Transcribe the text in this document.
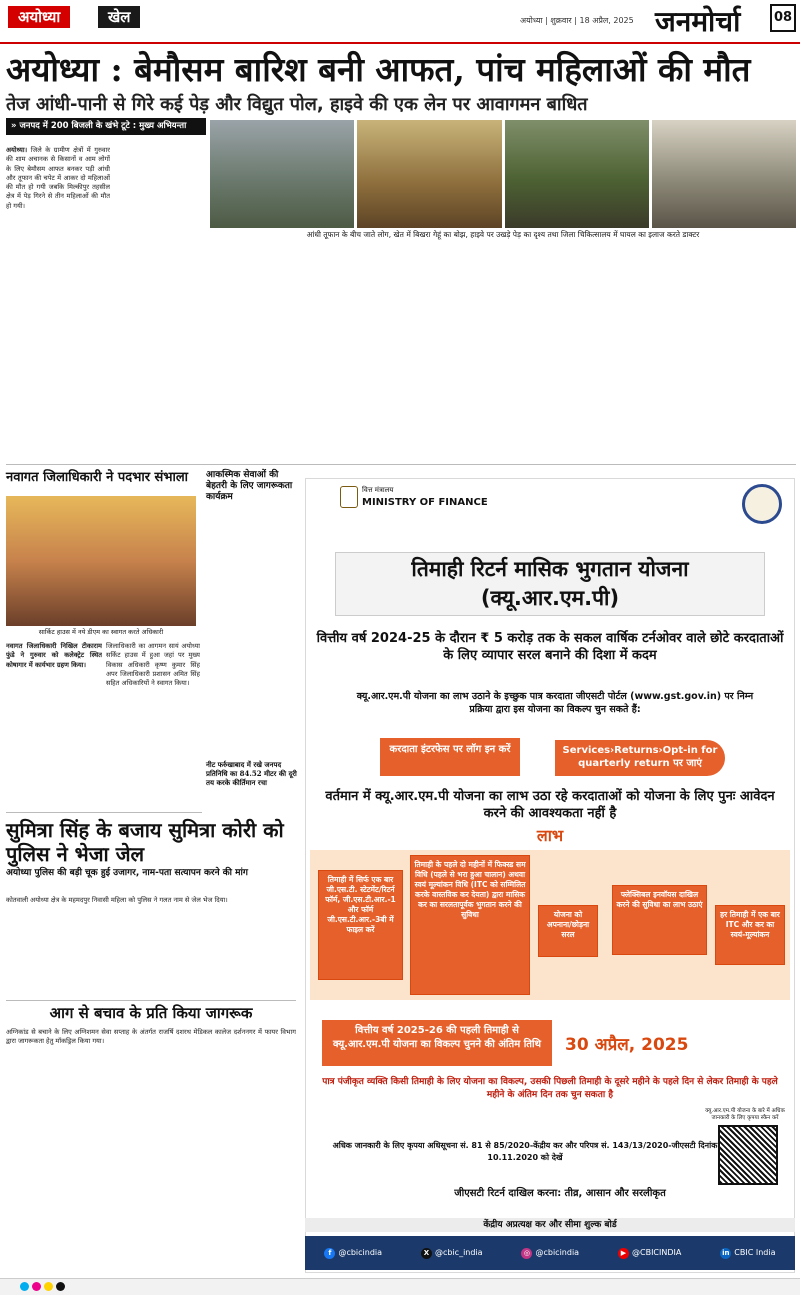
अयोध्या	खेल	अयोध्या | शुक्रवार | 18 अप्रैल, 2025 जनमोर्चा	08
अयोध्या : बेमौसम बारिश बनी आफत, पांच महिलाओं की मौत
तेज आंधी-पानी से गिरे कई पेड़ और विद्युत पोल, हाइवे की एक लेन पर आवागमन बाधित
» जनपद में 200 बिजली के खंभे टूटे : मुख्य अभियन्ता
आंधी तूफान के बीच जाते लोग, खेत में बिखरा गेहूं का बोझ, हाइवे पर उखड़े पेड़ का दृश्य तथा जिला चिकित्सालय में घायल का इलाज करते डाक्टर
अयोध्या। जिले के ग्रामीण क्षेत्रों में गुरुवार की शाम अचानक से किसानों व आम लोगों के लिए बेमौसम आफत बनकर पड़ी आंधी और तूफान की चपेट में आकर दो महिलाओं की मौत हो गयी जबकि मिल्कीपुर तहसील क्षेत्र में पेड़ गिरने से तीन महिलाओं की मौत हो गयी।
नवागत जिलाधिकारी ने पदभार संभाला
सार्किट हाउस में नये डीएम का स्वागत करते अधिकारी
नवागत जिलाधिकारी निखिल टीकाराम फुंडे ने गुरुवार को कलेक्ट्रेट स्थित कोषागार में कार्यभार ग्रहण किया।
जिलाधिकारी का आगमन सायं अयोध्या सर्किट हाउस में हुआ जहां पर मुख्य विकास अधिकारी कृष्ण कुमार सिंह अपर जिलाधिकारी प्रशासन अमित सिंह सहित अधिकारियों ने स्वागत किया।
सुमित्रा सिंह के बजाय सुमित्रा कोरी को पुलिस ने भेजा जेल
अयोध्या पुलिस की बड़ी चूक हुई उजागर, नाम-पता सत्यापन करने की मांग
कोतवाली अयोध्या क्षेत्र के महमदपुर निवासी महिला को पुलिस ने गलत नाम से जेल भेज दिया।
आग से बचाव के प्रति किया जागरूक
अग्निकांड से बचाने के लिए अग्निशमन सेवा सप्ताह के अंतर्गत राजर्षि दशरथ मेडिकल कालेज दर्शननगर में फायर विभाग द्वारा जागरूकता हेतु मॉकड्रिल किया गया।
आकस्मिक सेवाओं की बेहतरी के लिए जागरूकता कार्यक्रम
नीट फर्रुखाबाद में रखे जनपद प्रतिनिधि का 84.52 मीटर की दूरी तय करके कीर्तिमान रचा
वित्त मंत्रालय
MINISTRY OF FINANCE
तिमाही रिटर्न मासिक भुगतान योजना
(क्यू.आर.एम.पी)
वित्तीय वर्ष 2024-25 के दौरान ₹ 5 करोड़ तक के सकल वार्षिक टर्नओवर वाले छोटे करदाताओं के लिए व्यापार सरल बनाने की दिशा में कदम
क्यू.आर.एम.पी योजना का लाभ उठाने के इच्छुक पात्र करदाता जीएसटी पोर्टल (www.gst.gov.in) पर निम्न प्रक्रिया द्वारा इस योजना का विकल्प चुन सकते हैं:
करदाता इंटरफेस पर लॉग इन करें	Services›Returns›Opt-in for quarterly return पर जाएं
वर्तमान में क्यू.आर.एम.पी योजना का लाभ उठा रहे करदाताओं को योजना के लिए पुनः आवेदन करने की आवश्यकता नहीं है
लाभ
तिमाही में सिर्फ एक बार जी.एस.टी. स्टेटमेंट/रिटर्न फॉर्म, जी.एस.टी.आर.-1 और फॉर्म जी.एस.टी.आर.-3बी में फाइल करें
तिमाही के पहले दो महीनों में फिक्स्ड सम विधि (पहले से भरा हुआ चालान) अथवा स्वयं मूल्यांकन विधि (ITC को सम्मिलित करके वास्तविक कर देयता) द्वारा मासिक कर का सरलतापूर्वक भुगतान करने की सुविधा	योजना को अपनाना/छोड़ना सरल
फ्लेक्सिबल इनवॉयस दाखिल करने की सुविधा का लाभ उठाएं
हर तिमाही में एक बार ITC और कर का स्वयं-मूल्यांकन
वित्तीय वर्ष 2025-26 की पहली तिमाही से क्यू.आर.एम.पी योजना का विकल्प चुनने की अंतिम तिथि	30 अप्रैल, 2025
पात्र पंजीकृत व्यक्ति किसी तिमाही के लिए योजना का विकल्प, उसकी पिछली तिमाही के दूसरे महीने के पहले दिन से लेकर तिमाही के पहले महीने के अंतिम दिन तक चुन सकता है
अधिक जानकारी के लिए कृपया अधिसूचना सं. 81 से 85/2020-केंद्रीय कर और परिपत्र सं. 143/13/2020-जीएसटी दिनांक 10.11.2020 को देखें
क्यू.आर.एम.पी योजना के बारे में अधिक जानकारी के लिए कृपया स्कैन करें
जीएसटी रिटर्न दाखिल करना: तीव्र, आसान और सरलीकृत
केंद्रीय अप्रत्यक्ष कर और सीमा शुल्क बोर्ड
f @cbicindia	X @cbic_india	◎ @cbicindia	▶ @CBICINDIA	in CBIC India
